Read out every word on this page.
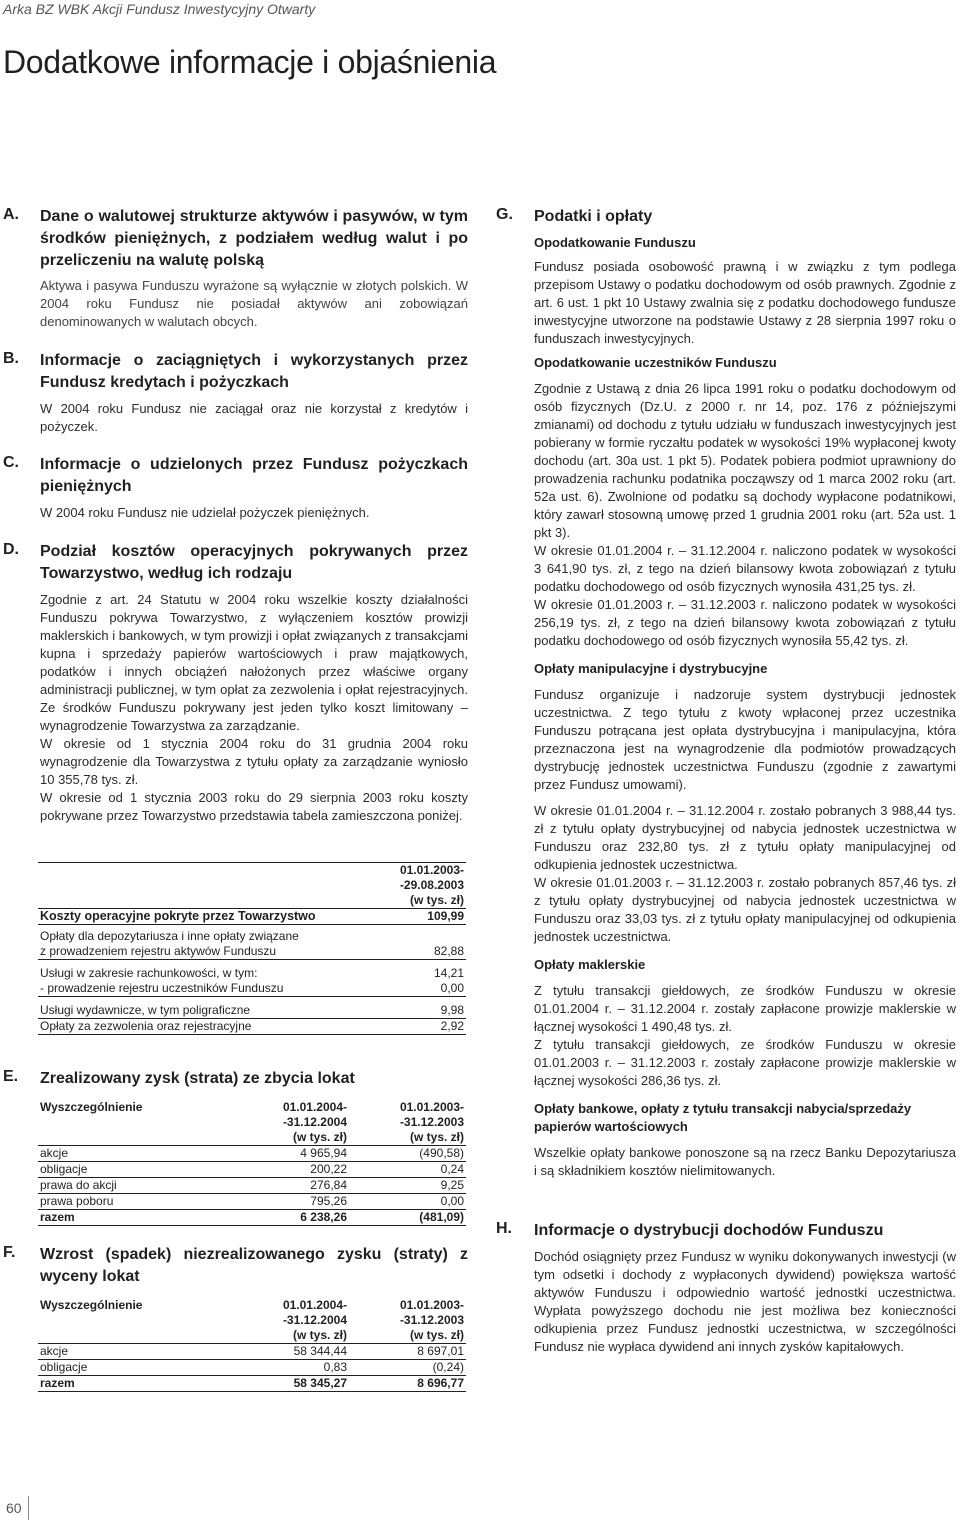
Arka BZ WBK Akcji Fundusz Inwestycyjny Otwarty
Dodatkowe informacje i objaśnienia
A. Dane o walutowej strukturze aktywów i pasywów, w tym środków pieniężnych, z podziałem według walut i po przeliczeniu na walutę polską

Aktywa i pasywa Funduszu wyrażone są wyłącznie w złotych polskich. W 2004 roku Fundusz nie posiadał aktywów ani zobowiązań denominowanych w walutach obcych.

B. Informacje o zaciągniętych i wykorzystanych przez Fundusz kredytach i pożyczkach

W 2004 roku Fundusz nie zaciągał oraz nie korzystał z kredytów i pożyczek.

C. Informacje o udzielonych przez Fundusz pożyczkach pieniężnych

W 2004 roku Fundusz nie udzielał pożyczek pieniężnych.

D. Podział kosztów operacyjnych pokrywanych przez Towarzystwo, według ich rodzaju

Zgodnie z art. 24 Statutu w 2004 roku wszelkie koszty działalności Funduszu pokrywa Towarzystwo, z wyłączeniem kosztów prowizji maklerskich i bankowych, w tym prowizji i opłat związanych z transakcjami kupna i sprzedaży papierów wartościowych i praw majątkowych, podatków i innych obciążeń nałożonych przez właściwe organy administracji publicznej, w tym opłat za zezwolenia i opłat rejestracyjnych. Ze środków Funduszu pokrywany jest jeden tylko koszt limitowany – wynagrodzenie Towarzystwa za zarządzanie.

W okresie od 1 stycznia 2004 roku do 31 grudnia 2004 roku wynagrodzenie dla Towarzystwa z tytułu opłaty za zarządzanie wyniosło 10 355,78 tys. zł.

W okresie od 1 stycznia 2003 roku do 29 sierpnia 2003 roku koszty pokrywane przez Towarzystwo przedstawia tabela zamieszczona poniżej.

	01.01.2003-
	-29.08.2003
	(w tys. zł)
Koszty operacyjne pokryte przez Towarzystwo	109,99
Opłaty dla depozytariusza i inne opłaty związane	
z prowadzeniem rejestru aktywów Funduszu	82,88
Usługi w zakresie rachunkowości, w tym:	14,21
- prowadzenie rejestru uczestników Funduszu	0,00
Usługi wydawnicze, w tym poligraficzne	9,98
Opłaty za zezwolenia oraz rejestracyjne	2,92
E. Zrealizowany zysk (strata) ze zbycia lokat
Wyszczególnienie	01.01.2004-	01.01.2003-
	-31.12.2004	-31.12.2003
	(w tys. zł)	(w tys. zł)
akcje	4 965,94	(490,58)
obligacje	200,22	0,24
prawa do akcji	276,84	9,25
prawa poboru	795,26	0,00
razem	6 238,26	(481,09)
F. Wzrost (spadek) niezrealizowanego zysku (straty) z wyceny lokat
Wyszczególnienie	01.01.2004-	01.01.2003-
	-31.12.2004	-31.12.2003
	(w tys. zł)	(w tys. zł)
akcje	58 344,44	8 697,01
obligacje	0,83	(0,24)
razem	58 345,27	8 696,77
G. Podatki i opłaty

Opodatkowanie Funduszu

Fundusz posiada osobowość prawną i w związku z tym podlega przepisom Ustawy o podatku dochodowym od osób prawnych. Zgodnie z art. 6 ust. 1 pkt 10 Ustawy zwalnia się z podatku dochodowego fundusze inwestycyjne utworzone na podstawie Ustawy z 28 sierpnia 1997 roku o funduszach inwestycyjnych.

Opodatkowanie uczestników Funduszu

Zgodnie z Ustawą z dnia 26 lipca 1991 roku o podatku dochodowym od osób fizycznych (Dz.U. z 2000 r. nr 14, poz. 176 z późniejszymi zmianami) od dochodu z tytułu udziału w funduszach inwestycyjnych jest pobierany w formie ryczałtu podatek w wysokości 19% wypłaconej kwoty dochodu (art. 30a ust. 1 pkt 5). Podatek pobiera podmiot uprawniony do prowadzenia rachunku podatnika począwszy od 1 marca 2002 roku (art. 52a ust. 6). Zwolnione od podatku są dochody wypłacone podatnikowi, który zawarł stosowną umowę przed 1 grudnia 2001 roku (art. 52a ust. 1 pkt 3).

W okresie 01.01.2004 r. – 31.12.2004 r. naliczono podatek w wysokości 3 641,90 tys. zł, z tego na dzień bilansowy kwota zobowiązań z tytułu podatku dochodowego od osób fizycznych wynosiła 431,25 tys. zł.

W okresie 01.01.2003 r. – 31.12.2003 r. naliczono podatek w wysokości 256,19 tys. zł, z tego na dzień bilansowy kwota zobowiązań z tytułu podatku dochodowego od osób fizycznych wynosiła 55,42 tys. zł.

Opłaty manipulacyjne i dystrybucyjne

Fundusz organizuje i nadzoruje system dystrybucji jednostek uczestnictwa. Z tego tytułu z kwoty wpłaconej przez uczestnika Funduszu potrącana jest opłata dystrybucyjna i manipulacyjna, która przeznaczona jest na wynagrodzenie dla podmiotów prowadzących dystrybucję jednostek uczestnictwa Funduszu (zgodnie z zawartymi przez Fundusz umowami).

W okresie 01.01.2004 r. – 31.12.2004 r. zostało pobranych 3 988,44 tys. zł z tytułu opłaty dystrybucyjnej od nabycia jednostek uczestnictwa w Funduszu oraz 232,80 tys. zł z tytułu opłaty manipulacyjnej od odkupienia jednostek uczestnictwa.

W okresie 01.01.2003 r. – 31.12.2003 r. zostało pobranych 857,46 tys. zł z tytułu opłaty dystrybucyjnej od nabycia jednostek uczestnictwa w Funduszu oraz 33,03 tys. zł z tytułu opłaty manipulacyjnej od odkupienia jednostek uczestnictwa.

Opłaty maklerskie

Z tytułu transakcji giełdowych, ze środków Funduszu w okresie 01.01.2004 r. – 31.12.2004 r. zostały zapłacone prowizje maklerskie w łącznej wysokości 1 490,48 tys. zł.

Z tytułu transakcji giełdowych, ze środków Funduszu w okresie 01.01.2003 r. – 31.12.2003 r. zostały zapłacone prowizje maklerskie w łącznej wysokości 286,36 tys. zł.

Opłaty bankowe, opłaty z tytułu transakcji nabycia/sprzedaży papierów wartościowych

Wszelkie opłaty bankowe ponoszone są na rzecz Banku Depozytariusza i są składnikiem kosztów nielimitowanych.

H. Informacje o dystrybucji dochodów Funduszu

Dochód osiągnięty przez Fundusz w wyniku dokonywanych inwestycji (w tym odsetki i dochody z wypłaconych dywidend) powiększa wartość aktywów Funduszu i odpowiednio wartość jednostki uczestnictwa. Wypłata powyższego dochodu nie jest możliwa bez konieczności odkupienia przez Fundusz jednostki uczestnictwa, w szczególności Fundusz nie wypłaca dywidend ani innych zysków kapitałowych.

60
